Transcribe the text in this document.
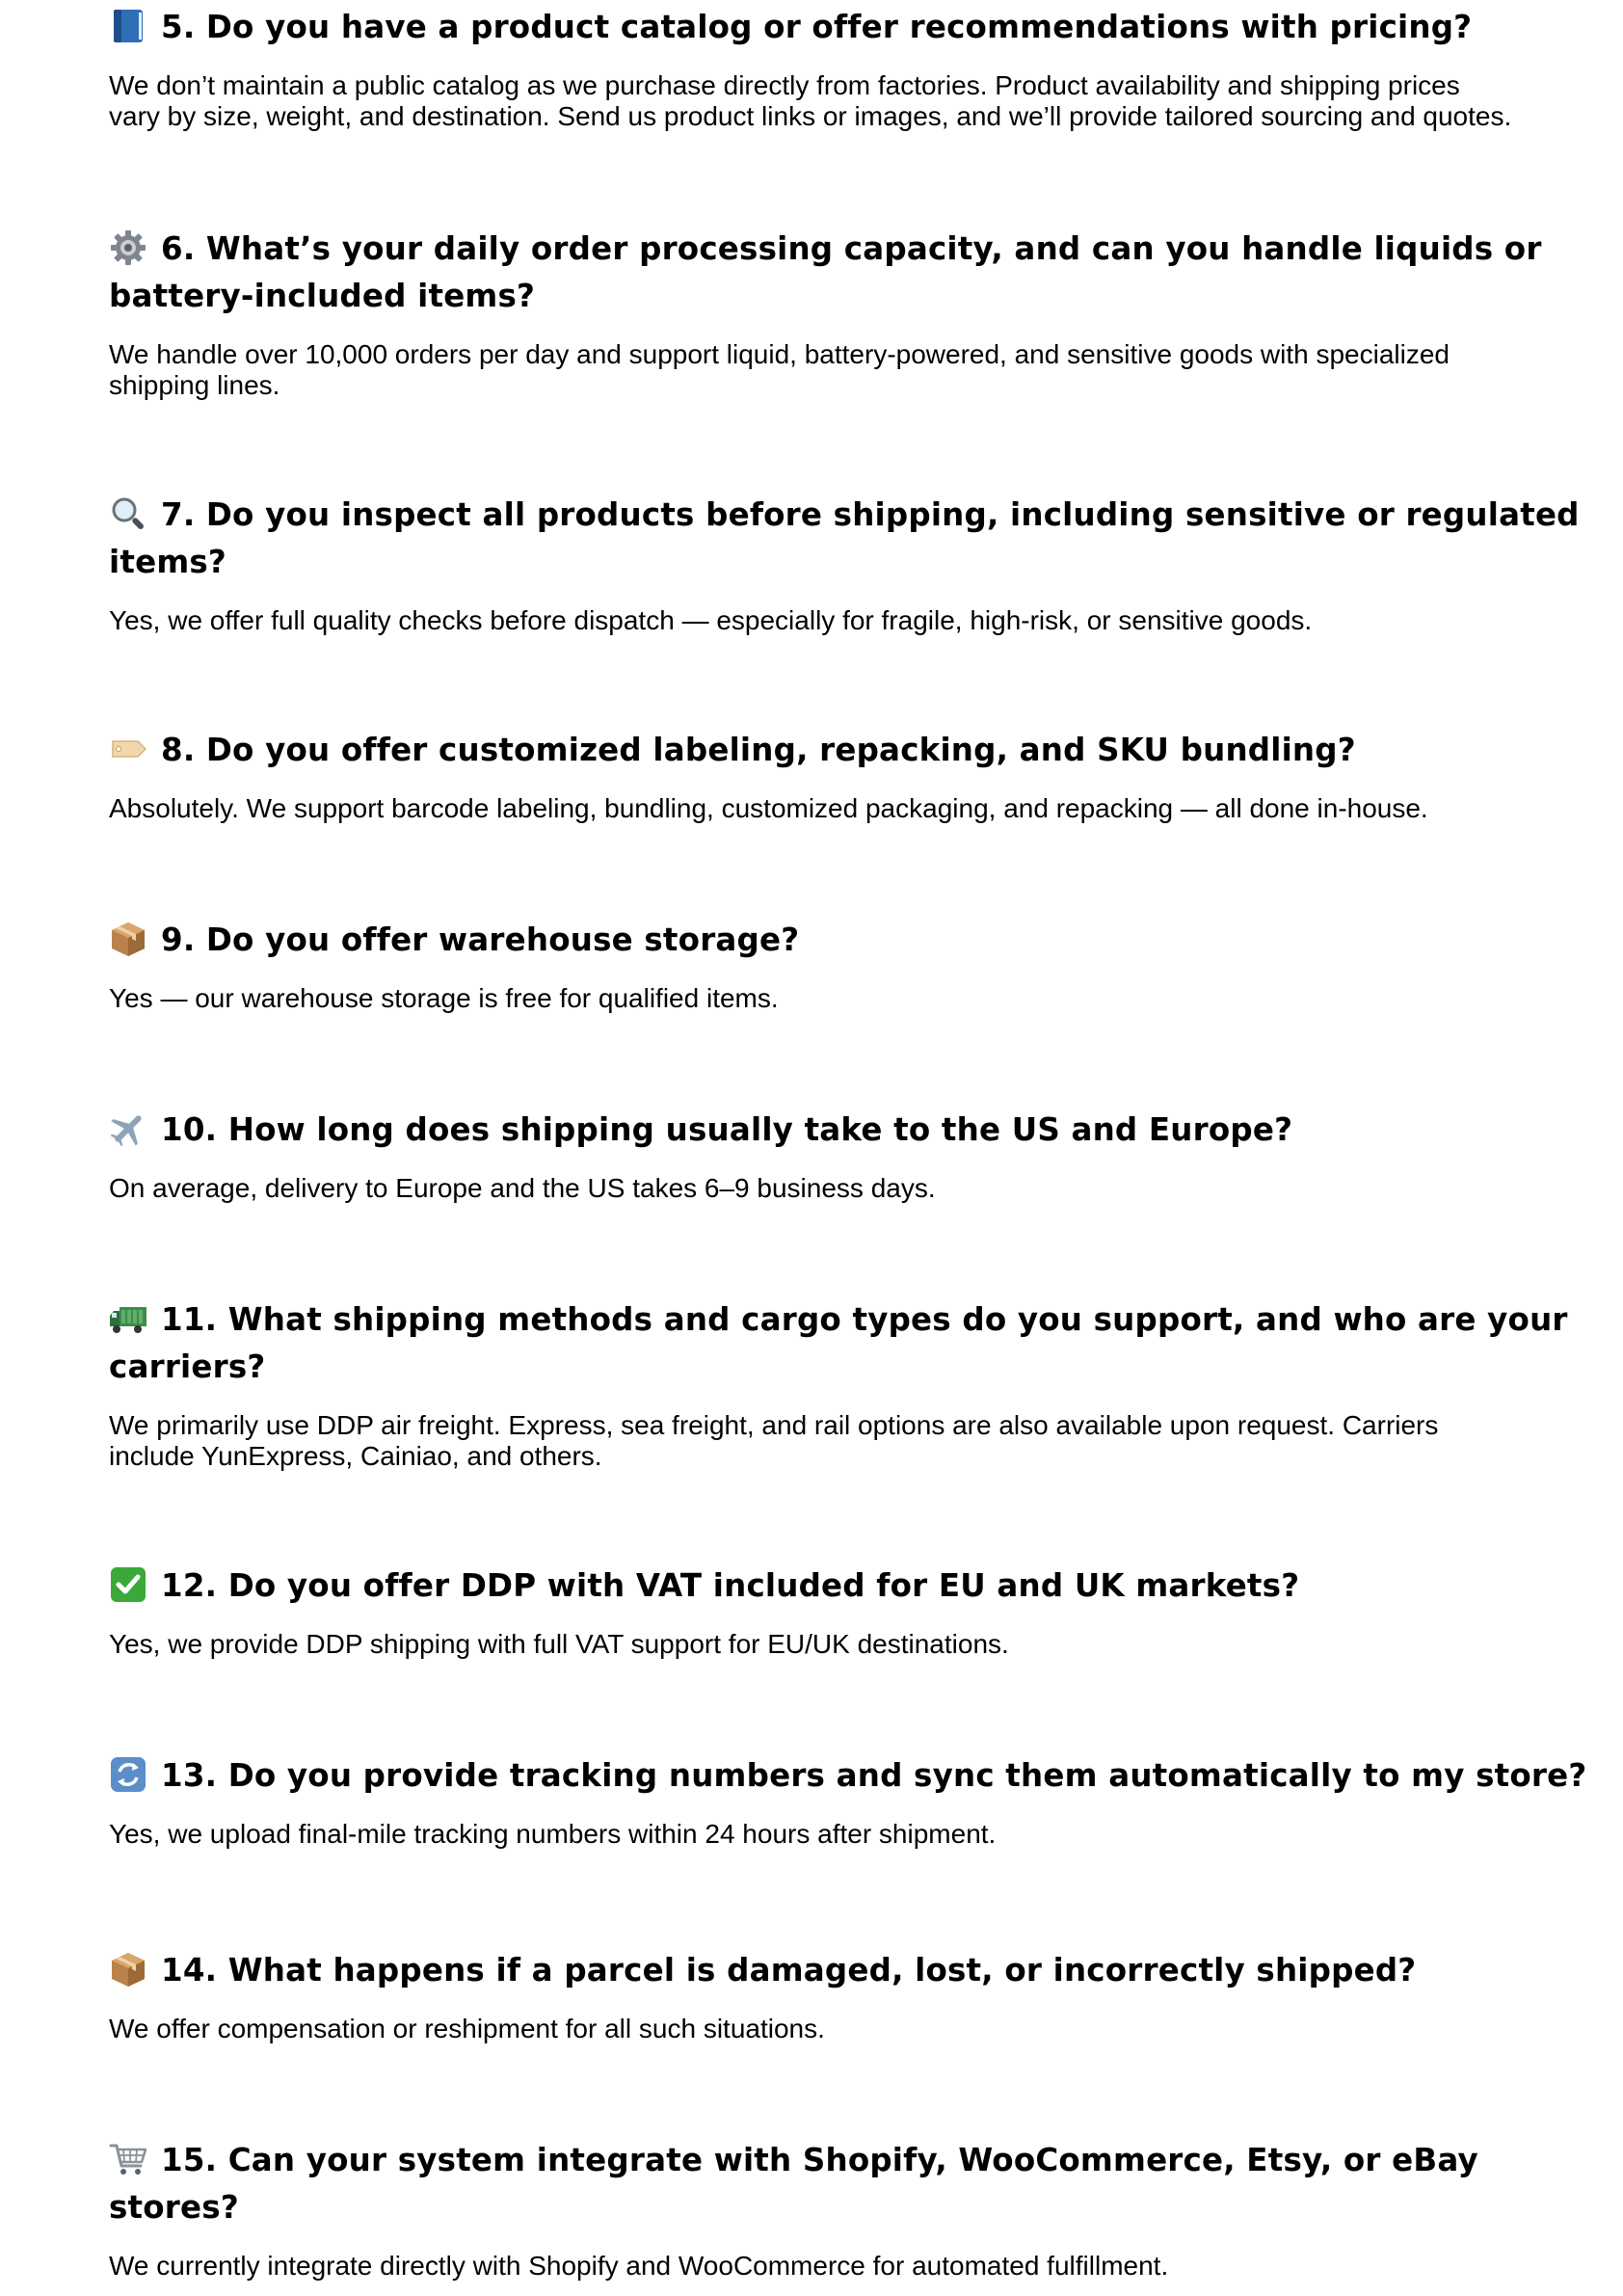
5. Do you have a product catalog or offer recommendations with pricing?

We don’t maintain a public catalog as we purchase directly from factories. Product availability and shipping prices
vary by size, weight, and destination. Send us product links or images, and we’ll provide tailored sourcing and quotes.

6. What’s your daily order processing capacity, and can you handle liquids or
battery-included items?

We handle over 10,000 orders per day and support liquid, battery-powered, and sensitive goods with specialized
shipping lines.

7. Do you inspect all products before shipping, including sensitive or regulated
items?

Yes, we offer full quality checks before dispatch — especially for fragile, high-risk, or sensitive goods.

8. Do you offer customized labeling, repacking, and SKU bundling?

Absolutely. We support barcode labeling, bundling, customized packaging, and repacking — all done in-house.

9. Do you offer warehouse storage?

Yes — our warehouse storage is free for qualified items.

10. How long does shipping usually take to the US and Europe?

On average, delivery to Europe and the US takes 6–9 business days.

11. What shipping methods and cargo types do you support, and who are your
carriers?

We primarily use DDP air freight. Express, sea freight, and rail options are also available upon request. Carriers
include YunExpress, Cainiao, and others.

12. Do you offer DDP with VAT included for EU and UK markets?

Yes, we provide DDP shipping with full VAT support for EU/UK destinations.

13. Do you provide tracking numbers and sync them automatically to my store?

Yes, we upload final-mile tracking numbers within 24 hours after shipment.

14. What happens if a parcel is damaged, lost, or incorrectly shipped?

We offer compensation or reshipment for all such situations.

15. Can your system integrate with Shopify, WooCommerce, Etsy, or eBay
stores?

We currently integrate directly with Shopify and WooCommerce for automated fulfillment.
